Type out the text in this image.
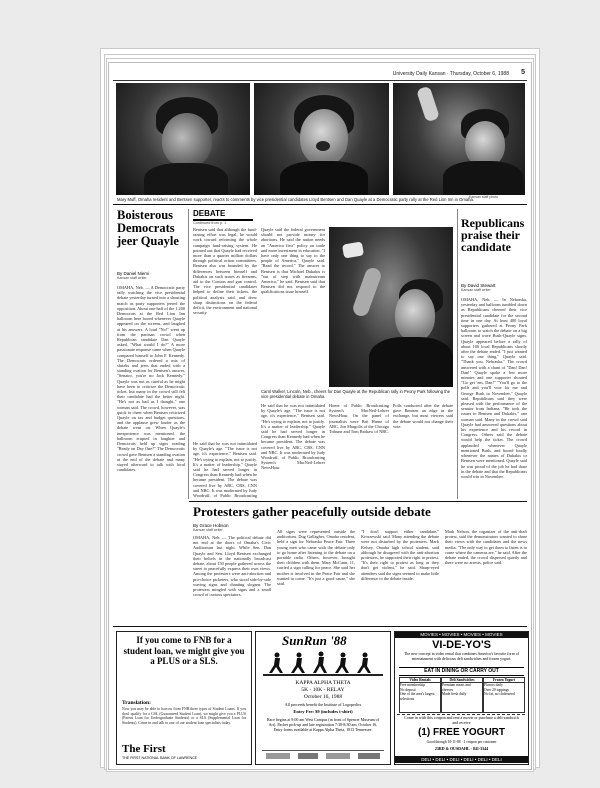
University Daily Kansan · Thursday, October 6, 1988 5
Mary Muff, Omaha resident and Bentsen supporter, reacts to comments by vice presidential candidates Lloyd Bentsen and Dan Quayle at a Democratic party rally at the Red Lion Inn in Omaha.
Kansan staff photo
Boisterous Democrats jeer Quayle
By Daniel Niemi
Kansan staff writer
OMAHA, Neb. — A Democratic party rally watching the vice presidential debate yesterday turned into a shouting match as party supporters jeered the opposition. About one-half of the 1,200 Democrats at the Red Lion Inn ballroom here booed whenever Quayle appeared on the screens, and laughed at his answers. A loud "No!" went up from the partisan crowd when Republican candidate Dan Quayle asked, "What would I do?" A more passionate response came when Quayle compared himself to John F. Kennedy. The Democrats ordered a mix of shrieks and jeers that ended with a standing ovation for Bentsen's answer, "Senator, you're no Jack Kennedy." Quayle was not as careful as he might have been to criticize the Democratic ticket, but many in the crowd still felt their candidate had the better night. "He's not as bad as I thought," one woman said. The crowd, however, was quick to cheer when Bentsen criticized Quayle on tax and budget questions, and the applause grew louder as the debate went on. When Quayle's inexperience was mentioned, the ballroom erupted in laughter and Democrats held up signs reading "Ready on Day One?" The Democratic crowd gave Bentsen a standing ovation at the end of the debate and many stayed afterward to talk with local candidates.
DEBATE
Continued from p. 1
Bentsen said that although the fund-raising effort was legal, he would work toward reforming the whole campaign fund-raising system. He pointed out that Quayle had received more than a quarter million dollars through political action committees. Bentsen also was bounded by the differences between himself and Dukakis on such issues as firearms, aid to the Contras and gun control. The vice presidential candidates helped to define their tickets, the political analysts said, and drew sharp distinctions on the federal deficit, the environment and national security.
Quayle said the federal government should not provide money for abortions. He said the nation needs an "America first" policy on trade and more investment in education. "I have only one thing to say to the people of America," Quayle said. "Read the record." The answer to Bentsen is that Michael Dukakis is "out of step with mainstream America," he said. Bentsen said that Bentsen did not respond to the qualifications issue himself.
Carol Walker, Lincoln, Neb., cheers for Dan Quayle at the Republican rally in Peony Park following the vice presidential debate in Omaha.
He said that he was not intimidated by Quayle's age. "The issue is not age, it's experience," Bentsen said. "He's trying to explain, not to justify. It's a matter of leadership." Quayle said he had served longer in Congress than Kennedy had when he became president. The debate was covered live by ABC, CBS, CNN and NBC. It was moderated by Judy Woodruff, of Public Broadcasting System's MacNeil-Lehrer NewsHour.
Home of Public Broadcasting System's MacNeil-Lehrer NewsHour. On the panel of journalists were Brit Hume of ABC, Jon Margolis of the Chicago Tribune and Tom Brokaw of NBC. Polls conducted after the debate gave Bentsen an edge in the exchange, but most viewers said the debate would not change their vote.
He said that he was not intimidated by Quayle's age. "The issue is not age, it's experience," Bentsen said. "He's trying to explain, not to justify. It's a matter of leadership." Quayle said he had served longer in Congress than Kennedy had when he became president. The debate was covered live by ABC, CBS, CNN and NBC. It was moderated by Judy Woodruff, of Public Broadcasting
Republicans praise their candidate
By David Stewart
Kansan staff writer
OMAHA, Neb. — In Nebraska, yesterday and balloons tumbled down as Republicans cheered their vice presidential candidate for the second time in one day. At least 400 loyal supporters gathered at Peony Park ballroom to watch the debate on a big screen and wave Bush-Quayle signs. Quayle appeared before a rally of about 100 local Republicans shortly after the debate ended. "I just wanted to say one thing," Quayle said. "Thank you, Nebraska." The crowd answered with a chant of "Dan! Dan! Dan!" Quayle spoke a few more minutes and one supporter shouted "Go get 'em, Dan!" "You'll go to the polls and you'll vote for me and George Bush in November," Quayle said. Republicans said they were pleased with the performance of the senator from Indiana. "He took the issues to Bentsen and Dukakis," one woman said. Many in the crowd said Quayle had answered questions about his experience and his record in Congress. Others said the debate would help the ticket. The crowd applauded whenever Quayle mentioned Bush, and booed loudly whenever the names of Dukakis or Bentsen were mentioned. Quayle said he was proud of the job he had done in the debate and that the Republicans would win in November.
Protesters gather peacefully outside debate
By Grace Hobson
Kansan staff writer
OMAHA, Neb. — The political debate did not end at the doors of Omaha's Civic Auditorium last night. While Sen. Dan Quayle and Sen. Lloyd Bentsen exchanged their beliefs in the nationally broadcast debate, about 150 people gathered across the street to peacefully express their own views. Among the protesters were anti-abortion and pro-choice picketers, who stood side-by-side waving signs and chanting slogans. The protesters mingled with signs and a small crowd of curious spectators.
All signs were represented outside the auditorium. Dug Gallagher, Omaha resident, held a sign for Nebraska Peace Fair. Three young men who came with the debate only to go home after listening to the debate on a portable radio. Others, however, brought their children with them. Mary McCann, 11, carried a sign calling for peace. She said her mother is involved in the Peace Fair and she wanted to come. "It's just a good cause," she said.
"I don't support either candidate," Kroszewski said. Many attending the debate were not disturbed by the protesters. Mark Kelsey, Omaha high school student, said although he disagreed with the anti-abortion protesters, he supported their right to protest. "It's their right to protest as long as they don't get violent," he said. Sharp-eyed attendees said the signs seemed to make little difference to the debate inside.
Mark Nelson, the organizer of the anti-draft protest, said the demonstrators wanted to share their views with the candidates and the news media. "The only way to get them to listen is to come where the cameras are," he said. After the debate ended, the crowd dispersed quietly and there were no arrests, police said.
If you come to FNB for a student loan, we might give you a PLUS or a SLS.
Translation:
Now you may be able to borrow from FNB three types of Student Loans. If you don't qualify for a GSL (Guaranteed Student Loan), we might give you a PLUS (Parent Loan for Undergraduate Students) or a SLS (Supplemental Loan for Students). Come in and talk to one of our student loan specialists today.
The First
THE FIRST NATIONAL BANK OF LAWRENCE
SunRun '88
KAPPA ALPHA THETA
5K - 10K - RELAY
October 16, 1988
All proceeds benefit the Institute of Logopedics
Entry Fee: $9 (includes t-shirt)
Race begins at 9:00 am West Campus (in front of Spencer Museum of Art). Packet pick-up and late registration 7:30-8:30 am, October 16. Entry forms available at Kappa Alpha Theta, 1813 Tennessee.
MOVIES • MOVIES • MOVIES • MOVIES
VI-DE-YO'S
The new concept in video rental that combines America's favorite form of entertainment with delicious deli sandwiches and frozen yogurt.
EAT IN DINING OR CARRY OUT
Video Rentals
Free membership
No deposit
One of the area's largest selections
Deli Sandwiches
Premium meats and cheeses
Made fresh daily
Frozen Yogurt
Flavors daily
Over 20 toppings
No fat, no cholesterol
Come in with this coupon and rent a movie or purchase a deli sandwich and receive
(1) FREE YOGURT
Good through 10-11-88 · 1 coupon per customer
23RD & OUSDAHL · 841-3344
DELI • DELI • DELI • DELI • DELI • DELI
